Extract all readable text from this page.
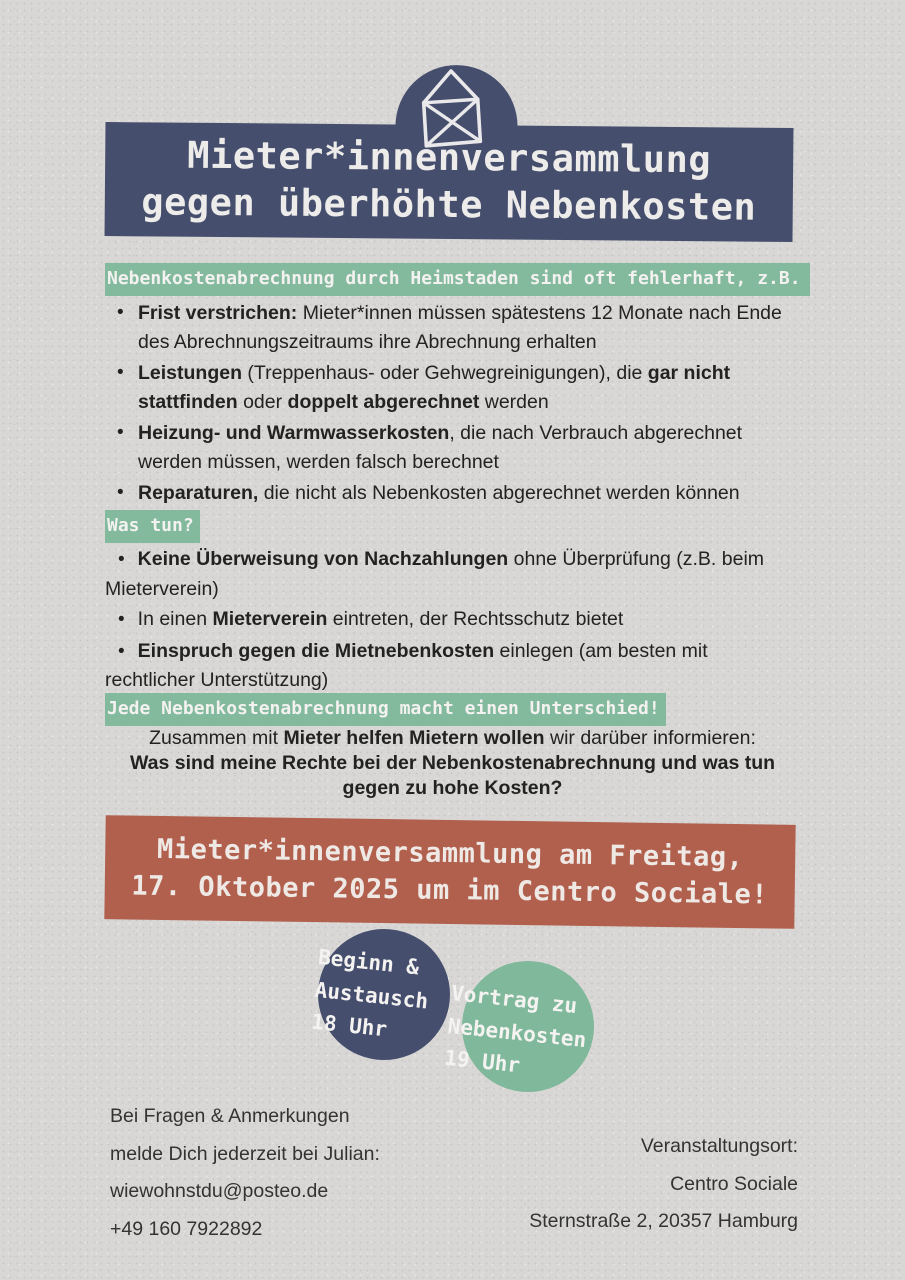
Mieter*innenversammlung
gegen überhöhte Nebenkosten
Nebenkostenabrechnung durch Heimstaden sind oft fehlerhaft, z.B.
• Frist verstrichen: Mieter*innen müssen spätestens 12 Monate nach Ende des Abrechnungszeitraums ihre Abrechnung erhalten
• Leistungen (Treppenhaus- oder Gehwegreinigungen), die gar nicht stattfinden oder doppelt abgerechnet werden
• Heizung- und Warmwasserkosten, die nach Verbrauch abgerechnet werden müssen, werden falsch berechnet
• Reparaturen, die nicht als Nebenkosten abgerechnet werden können
Was tun?
• Keine Überweisung von Nachzahlungen ohne Überprüfung (z.B. beim Mieterverein)
• In einen Mieterverein eintreten, der Rechtsschutz bietet
• Einspruch gegen die Mietnebenkosten einlegen (am besten mit rechtlicher Unterstützung)
Jede Nebenkostenabrechnung macht einen Unterschied!
Zusammen mit Mieter helfen Mietern wollen wir darüber informieren:
Was sind meine Rechte bei der Nebenkostenabrechnung und was tun gegen zu hohe Kosten?
Mieter*innenversammlung am Freitag,
17. Oktober 2025 um im Centro Sociale!
Beginn &
Austausch
18 Uhr
Vortrag zu
Nebenkosten
19 Uhr
Bei Fragen & Anmerkungen
melde Dich jederzeit bei Julian:
wiewohnstdu@posteo.de
+49 160 7922892
Veranstaltungsort:
Centro Sociale
Sternstraße 2, 20357 Hamburg
